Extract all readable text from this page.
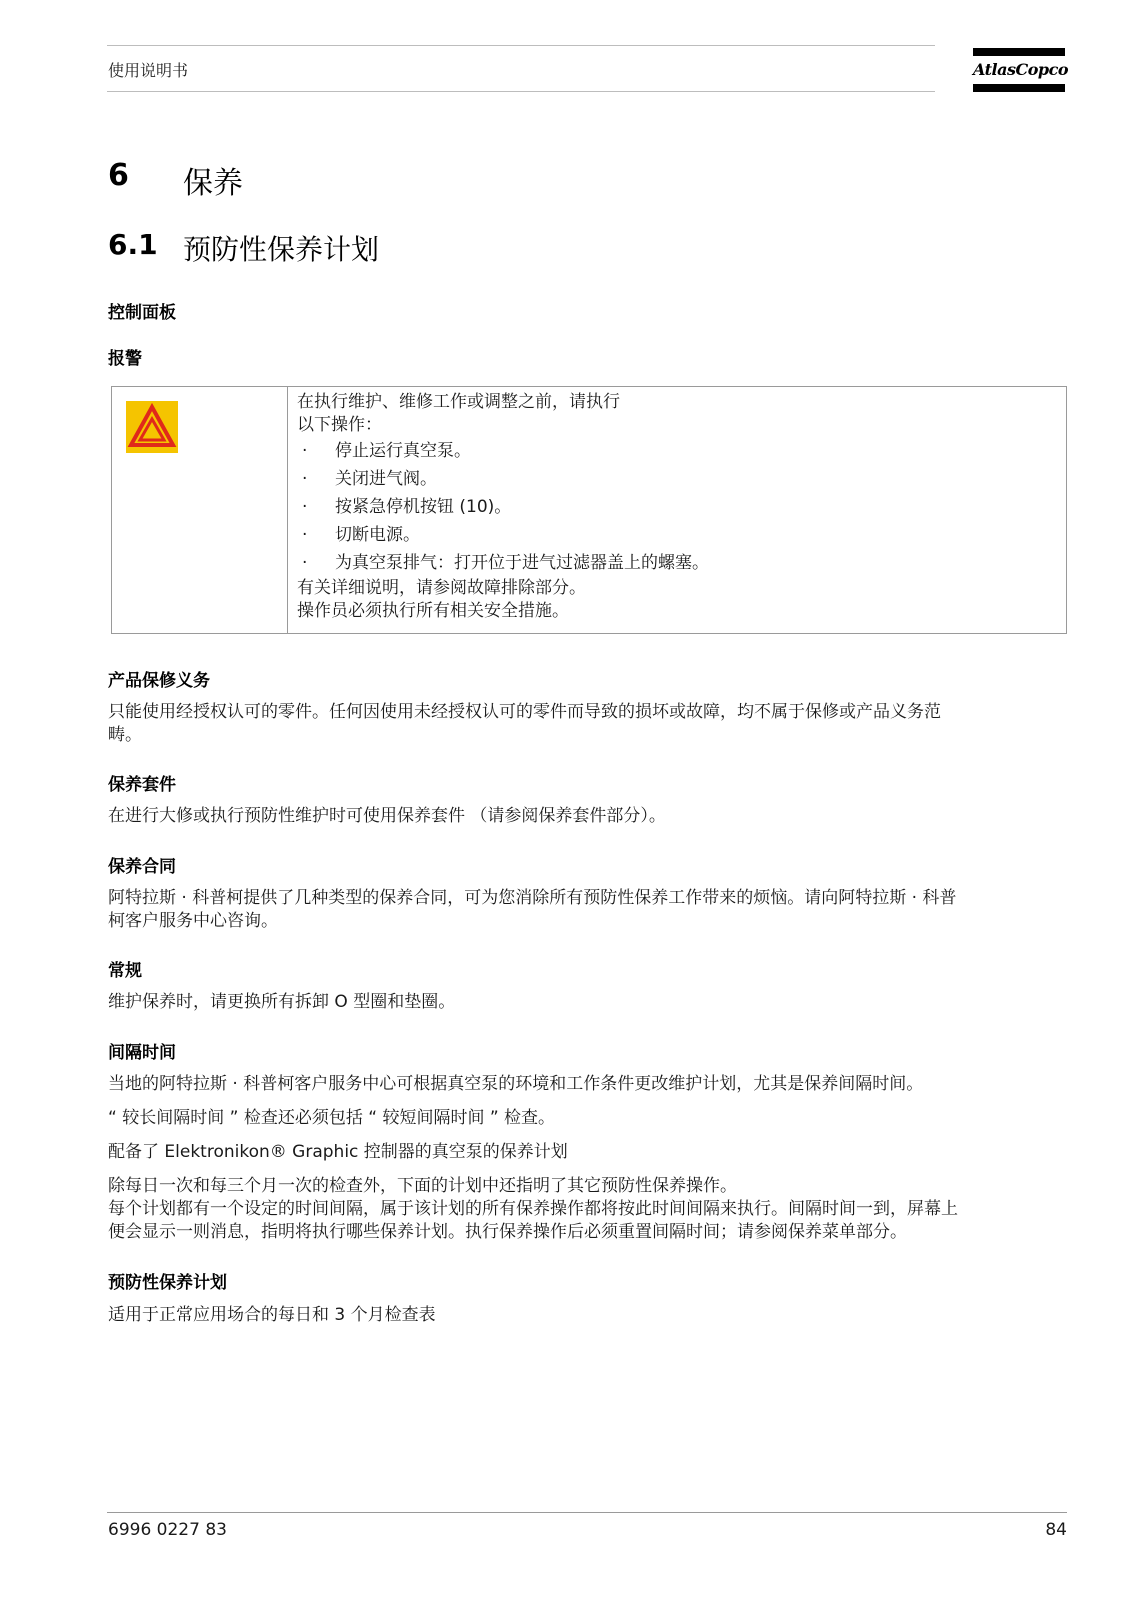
使用说明书	AtlasCopco
6 保养
6.1 预防性保养计划
控制面板
报警
在执行维护、维修工作或调整之前，请执行
以下操作：
· 停止运行真空泵。
· 关闭进气阀。
· 按紧急停机按钮 (10)。
· 切断电源。
· 为真空泵排气：打开位于进气过滤器盖上的螺塞。
有关详细说明，请参阅故障排除部分。
操作员必须执行所有相关安全措施。
产品保修义务
只能使用经授权认可的零件。任何因使用未经授权认可的零件而导致的损坏或故障，均不属于保修或产品义务范
畴。
保养套件
在进行大修或执行预防性维护时可使用保养套件 （请参阅保养套件部分）。
保养合同
阿特拉斯 · 科普柯提供了几种类型的保养合同，可为您消除所有预防性保养工作带来的烦恼。请向阿特拉斯 · 科普
柯客户服务中心咨询。
常规
维护保养时，请更换所有拆卸 O 型圈和垫圈。
间隔时间
当地的阿特拉斯 · 科普柯客户服务中心可根据真空泵的环境和工作条件更改维护计划，尤其是保养间隔时间。
“ 较长间隔时间 ” 检查还必须包括 “ 较短间隔时间 ” 检查。
配备了 Elektronikon® Graphic 控制器的真空泵的保养计划
除每日一次和每三个月一次的检查外，下面的计划中还指明了其它预防性保养操作。
每个计划都有一个设定的时间间隔，属于该计划的所有保养操作都将按此时间间隔来执行。间隔时间一到，屏幕上
便会显示一则消息，指明将执行哪些保养计划。执行保养操作后必须重置间隔时间；请参阅保养菜单部分。
预防性保养计划
适用于正常应用场合的每日和 3 个月检查表
6996 0227 83	84
